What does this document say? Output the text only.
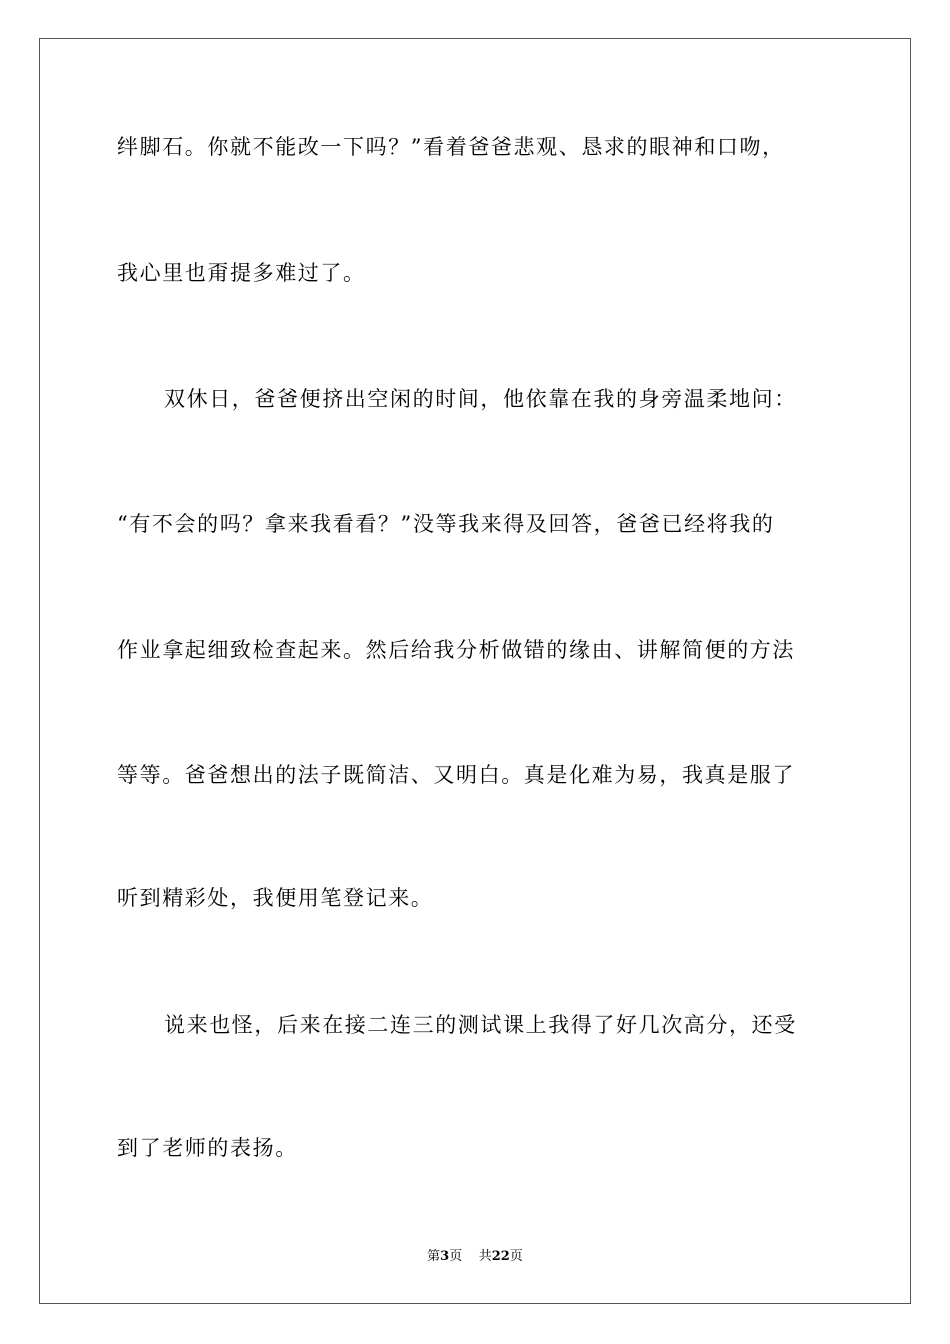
绊脚石。你就不能改一下吗？”看着爸爸悲观、恳求的眼神和口吻，
我心里也甭提多难过了。
双休日，爸爸便挤出空闲的时间，他依靠在我的身旁温柔地问：
“有不会的吗？拿来我看看？”没等我来得及回答，爸爸已经将我的
作业拿起细致检查起来。然后给我分析做错的缘由、讲解简便的方法
等等。爸爸想出的法子既简洁、又明白。真是化难为易，我真是服了
听到精彩处，我便用笔登记来。
说来也怪，后来在接二连三的测试课上我得了好几次高分，还受
到了老师的表扬。
第3页 共22页
